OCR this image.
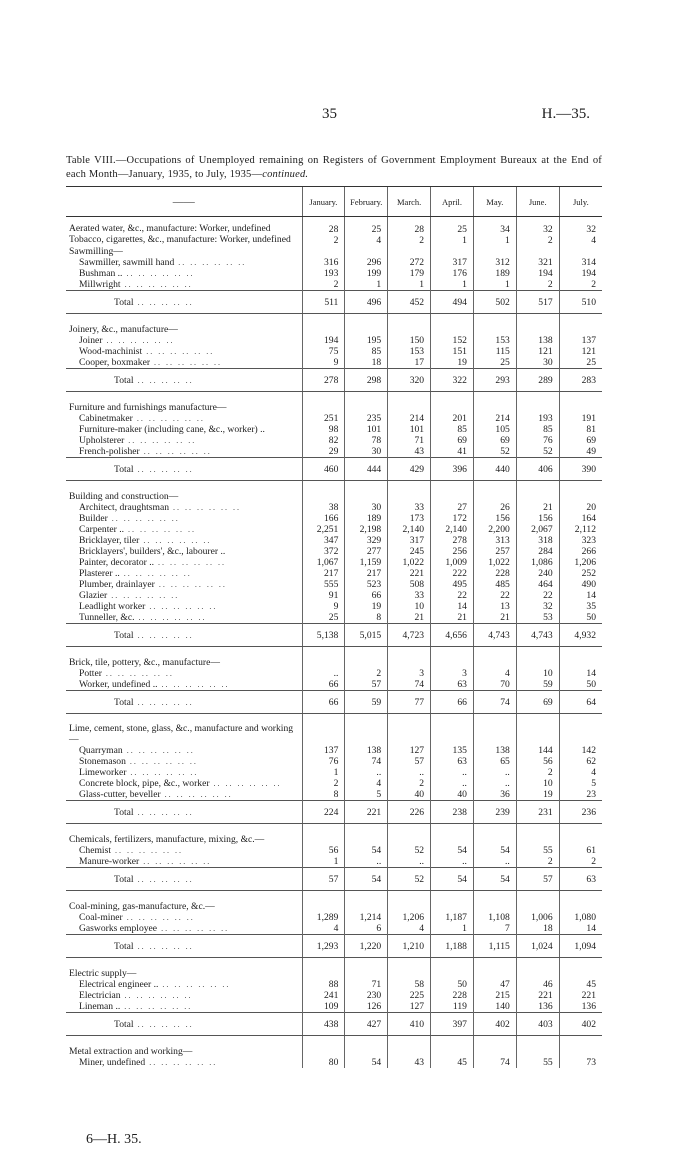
35	H.—35.
Table VIII.—Occupations of Unemployed remaining on Registers of Government Employment Bureaux at the End of each Month—January, 1935, to July, 1935—continued.
——	January.	February.	March.	April.	May.	June.	July.

Aerated water, &c., manufacture: Worker, undefined	28	25	28	25	34	32	32
Tobacco, cigarettes, &c., manufacture: Worker, undefined	2	4	2	1	1	2	4
Sawmilling—							
Sawmiller, sawmill hand .. .. .. .. .. ..	316	296	272	317	312	321	314
Bushman .. .. .. .. .. .. ..	193	199	179	176	189	194	194
Millwright .. .. .. .. .. ..	2	1	1	1	1	2	2
Total .. .. .. .. ..	511	496	452	494	502	517	510

Joinery, &c., manufacture—							
Joiner .. .. .. .. .. ..	194	195	150	152	153	138	137
Wood-machinist .. .. .. .. .. ..	75	85	153	151	115	121	121
Cooper, boxmaker .. .. .. .. .. ..	9	18	17	19	25	30	25
Total .. .. .. .. ..	278	298	320	322	293	289	283

Furniture and furnishings manufacture—							
Cabinetmaker .. .. .. .. .. ..	251	235	214	201	214	193	191
Furniture-maker (including cane, &c., worker) ..	98	101	101	85	105	85	81
Upholsterer .. .. .. .. .. ..	82	78	71	69	69	76	69
French-polisher .. .. .. .. .. ..	29	30	43	41	52	52	49
Total .. .. .. .. ..	460	444	429	396	440	406	390

Building and construction—							
Architect, draughtsman .. .. .. .. .. ..	38	30	33	27	26	21	20
Builder .. .. .. .. .. ..	166	189	173	172	156	156	164
Carpenter .. .. .. .. .. .. ..	2,251	2,198	2,140	2,140	2,200	2,067	2,112
Bricklayer, tiler .. .. .. .. .. ..	347	329	317	278	313	318	323
Bricklayers', builders', &c., labourer ..	372	277	245	256	257	284	266
Painter, decorator .. .. .. .. .. .. ..	1,067	1,159	1,022	1,009	1,022	1,086	1,206
Plasterer .. .. .. .. .. .. ..	217	217	221	222	228	240	252
Plumber, drainlayer .. .. .. .. .. ..	555	523	508	495	485	464	490
Glazier .. .. .. .. .. ..	91	66	33	22	22	22	14
Leadlight worker .. .. .. .. .. ..	9	19	10	14	13	32	35
Tunneller, &c. .. .. .. .. .. ..	25	8	21	21	21	53	50
Total .. .. .. .. ..	5,138	5,015	4,723	4,656	4,743	4,743	4,932

Brick, tile, pottery, &c., manufacture—							
Potter .. .. .. .. .. ..	..	2	3	3	4	10	14
Worker, undefined .. .. .. .. .. .. ..	66	57	74	63	70	59	50
Total .. .. .. .. ..	66	59	77	66	74	69	64

Lime, cement, stone, glass, &c., manufacture and working—							
Quarryman .. .. .. .. .. ..	137	138	127	135	138	144	142
Stonemason .. .. .. .. .. ..	76	74	57	63	65	56	62
Limeworker .. .. .. .. .. ..	1	..	..	..	..	2	4
Concrete block, pipe, &c., worker .. .. .. .. .. ..	2	4	2	..	..	10	5
Glass-cutter, beveller .. .. .. .. .. ..	8	5	40	40	36	19	23
Total .. .. .. .. ..	224	221	226	238	239	231	236

Chemicals, fertilizers, manufacture, mixing, &c.—							
Chemist .. .. .. .. .. ..	56	54	52	54	54	55	61
Manure-worker .. .. .. .. .. ..	1	..	..	..	..	2	2
Total .. .. .. .. ..	57	54	52	54	54	57	63

Coal-mining, gas-manufacture, &c.—							
Coal-miner .. .. .. .. .. ..	1,289	1,214	1,206	1,187	1,108	1,006	1,080
Gasworks employee .. .. .. .. .. ..	4	6	4	1	7	18	14
Total .. .. .. .. ..	1,293	1,220	1,210	1,188	1,115	1,024	1,094

Electric supply—							
Electrical engineer .. .. .. .. .. .. ..	88	71	58	50	47	46	45
Electrician .. .. .. .. .. ..	241	230	225	228	215	221	221
Lineman .. .. .. .. .. .. ..	109	126	127	119	140	136	136
Total .. .. .. .. ..	438	427	410	397	402	403	402

Metal extraction and working—							
Miner, undefined .. .. .. .. .. ..	80	54	43	45	74	55	73
6—H. 35.
